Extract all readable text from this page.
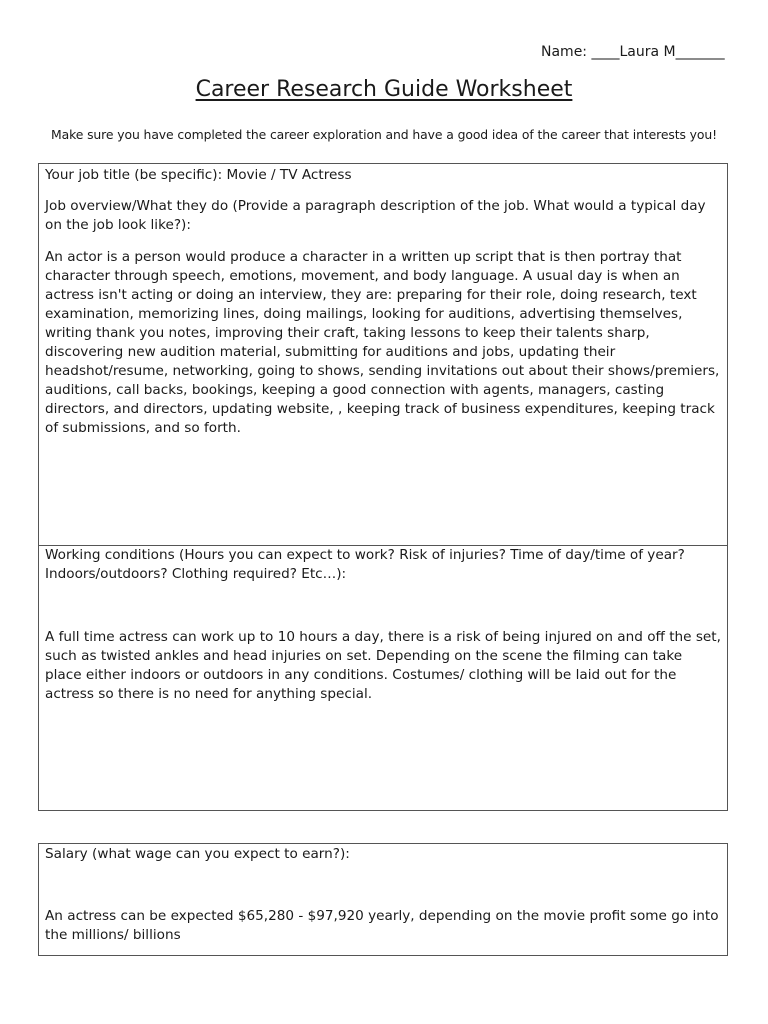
Name: ____Laura M_______
Career Research Guide Worksheet
Make sure you have completed the career exploration and have a good idea of the career that interests you!

Your job title (be specific): Movie / TV Actress

Job overview/What they do (Provide a paragraph description of the job. What would a typical day on the job look like?):

An actor is a person would produce a character in a written up script that is then portray that character through speech, emotions, movement, and body language. A usual day is when an actress isn't acting or doing an interview, they are: preparing for their role, doing research, text examination, memorizing lines, doing mailings, looking for auditions, advertising themselves, writing thank you notes, improving their craft, taking lessons to keep their talents sharp, discovering new audition material, submitting for auditions and jobs, updating their headshot/resume, networking, going to shows, sending invitations out about their shows/premiers, auditions, call backs, bookings, keeping a good connection with agents, managers, casting directors, and directors, updating website, , keeping track of business expenditures, keeping track of submissions, and so forth.

Working conditions (Hours you can expect to work? Risk of injuries? Time of day/time of year? Indoors/outdoors? Clothing required? Etc…):

A full time actress can work up to 10 hours a day, there is a risk of being injured on and off the set, such as twisted ankles and head injuries on set. Depending on the scene the filming can take place either indoors or outdoors in any conditions. Costumes/ clothing will be laid out for the actress so there is no need for anything special.

Salary (what wage can you expect to earn?):

An actress can be expected $65,280 - $97,920 yearly, depending on the movie profit some go into the millions/ billions
